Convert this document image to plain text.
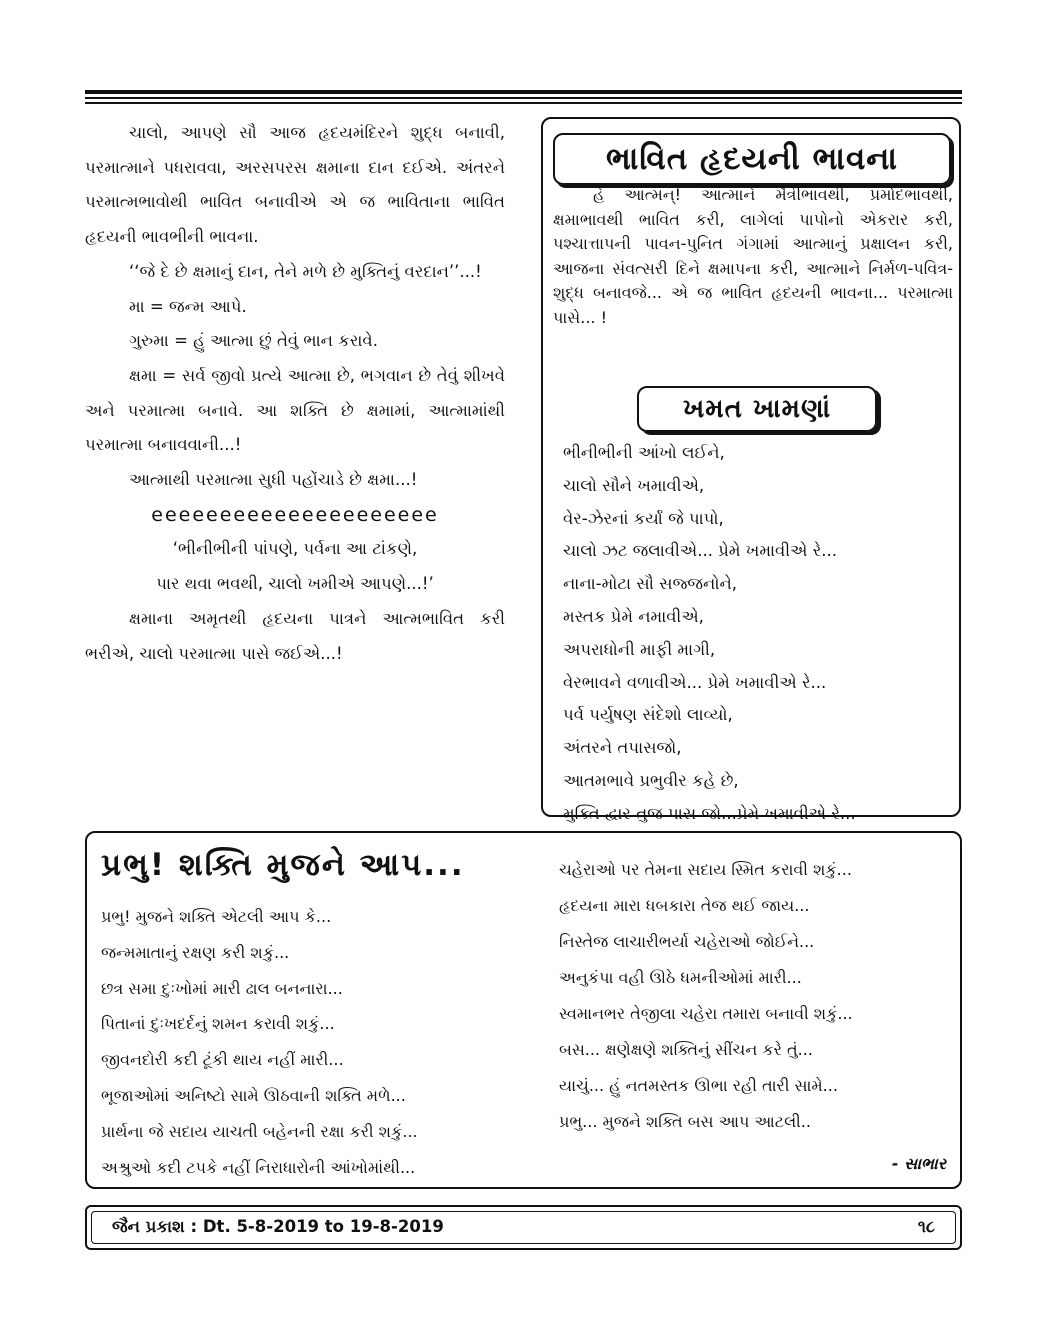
ચાલો, આપણે સૌ આજ હૃદયમંદિરને શુદ્ધ બનાવી, પરમાત્માને પધરાવવા, અરસપરસ ક્ષમાના દાન દઈએ. અંતરને પરમાત્મભાવોથી ભાવિત બનાવીએ એ જ ભાવિતાના ભાવિત હૃદયની ભાવભીની ભાવના.

‘‘જે દે છે ક્ષમાનું દાન, તેને મળે છે મુક્તિનું વરદાન’’...!

મા = જન્મ આપે.

ગુરુમા = હું આત્મા છું તેવું ભાન કરાવે.

ક્ષમા = સર્વ જીવો પ્રત્યે આત્મા છે, ભગવાન છે તેવું શીખવે અને પરમાત્મા બનાવે. આ શક્તિ છે ક્ષમામાં, આત્મામાંથી પરમાત્મા બનાવવાની...!

આત્માથી પરમાત્મા સુધી પહોંચાડે છે ક્ષમા...!

eeeeeeeeeeeeeeeeeeeee

‘ભીનીભીની પાંપણે, પર્વના આ ટાંકણે,

પાર થવા ભવથી, ચાલો ખમીએ આપણે...!’

ક્ષમાના અમૃતથી હૃદયના પાત્રને આત્મભાવિત કરી ભરીએ, ચાલો પરમાત્મા પાસે જઈએ...!

ભાવિત હૃદયની ભાવના

હે આત્મન્! આત્માને મૈત્રીભાવથી, પ્રમોદભાવથી, ક્ષમાભાવથી ભાવિત કરી, લાગેલાં પાપોનો એકરાર કરી, પશ્ચાત્તાપની પાવન-પુનિત ગંગામાં આત્માનું પ્રક્ષાલન કરી, આજના સંવત્સરી દિને ક્ષમાપના કરી, આત્માને નિર્મળ-પવિત્ર-શુદ્ધ બનાવજે... એ જ ભાવિત હૃદયની ભાવના... પરમાત્મા પાસે... !

ખમત ખામણાં
ભીનીભીની આંખો લઈને,
ચાલો સૌને ખમાવીએ,
વેર-ઝેરનાં કર્યાં જે પાપો,
ચાલો ઝટ જલાવીએ... પ્રેમે ખમાવીએ રે...
નાના-મોટા સૌ સજ્જનોને,
મસ્તક પ્રેમે નમાવીએ,
અપરાધોની માફી માગી,
વેરભાવને વળાવીએ... પ્રેમે ખમાવીએ રે...
પર્વ પર્યુષણ સંદેશો લાવ્યો,
અંતરને તપાસજો,
આતમભાવે પ્રભુવીર કહે છે,
મુક્તિ દ્વાર તુજ પાસ જો...પ્રેમે ખમાવીએ રે...
પ્રભુ! શક્તિ મુજને આપ...
પ્રભુ! મુજને શક્તિ એટલી આપ કે...
જન્મમાતાનું રક્ષણ કરી શકું...
છત્ર સમા દુઃખોમાં મારી ઢાલ બનનારા...
પિતાનાં દુઃખદર્દનું શમન કરાવી શકું...
જીવનદોરી કદી ટૂંકી થાય નહીં મારી...
ભૂજાઓમાં અનિષ્ટો સામે ઊઠવાની શક્તિ મળે...
પ્રાર્થના જે સદાય યાચતી બહેનની રક્ષા કરી શકું...
અશ્રુઓ કદી ટપકે નહીં નિરાધારોની આંખોમાંથી...
ચહેરાઓ પર તેમના સદાય સ્મિત કરાવી શકું...
હૃદયના મારા ધબકારા તેજ થઈ જાય...
નિસ્તેજ લાચારીભર્યા ચહેરાઓ જોઈને...
અનુકંપા વહી ઊઠે ધમનીઓમાં મારી...
સ્વમાનભર તેજીલા ચહેરા તમારા બનાવી શકું...
બસ... ક્ષણેક્ષણે શક્તિનું સીંચન કરે તું...
યાચું... હું નતમસ્તક ઊભા રહી તારી સામે...
પ્રભુ... મુજને શક્તિ બસ આપ આટલી..
- સાભાર
જૈન પ્રકાશ : Dt. 5-8-2019 to 19-8-2019	૧૮
